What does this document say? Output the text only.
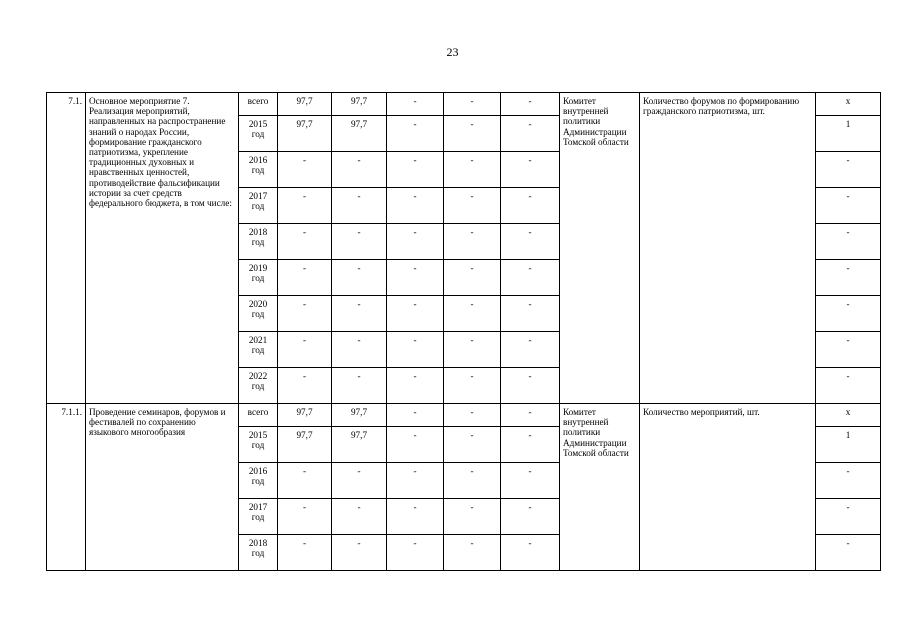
23
7.1.	Основное мероприятие 7. Реализация мероприятий, направленных на распространение знаний о народах России, формирование гражданского патриотизма, укрепление традиционных духовных и нравственных ценностей, противодействие фальсификации истории за счет средств федерального бюджета, в том числе:	всего	97,7	97,7	-	-	-	Комитет внутренней политики Администрации Томской области	Количество форумов по формированию гражданского патриотизма, шт.	x
		2015 год	97,7	97,7	-	-	-			1
		2016 год	-	-	-	-	-			-
		2017 год	-	-	-	-	-			-
		2018 год	-	-	-	-	-			-
		2019 год	-	-	-	-	-			-
		2020 год	-	-	-	-	-			-
		2021 год	-	-	-	-	-			-
		2022 год	-	-	-	-	-			-
7.1.1.	Проведение семинаров, форумов и фестивалей по сохранению языкового многообразия	всего	97,7	97,7	-	-	-	Комитет внутренней политики Администрации Томской области	Количество мероприятий, шт.	x
		2015 год	97,7	97,7	-	-	-			1
		2016 год	-	-	-	-	-			-
		2017 год	-	-	-	-	-			-
		2018 год	-	-	-	-	-			-
